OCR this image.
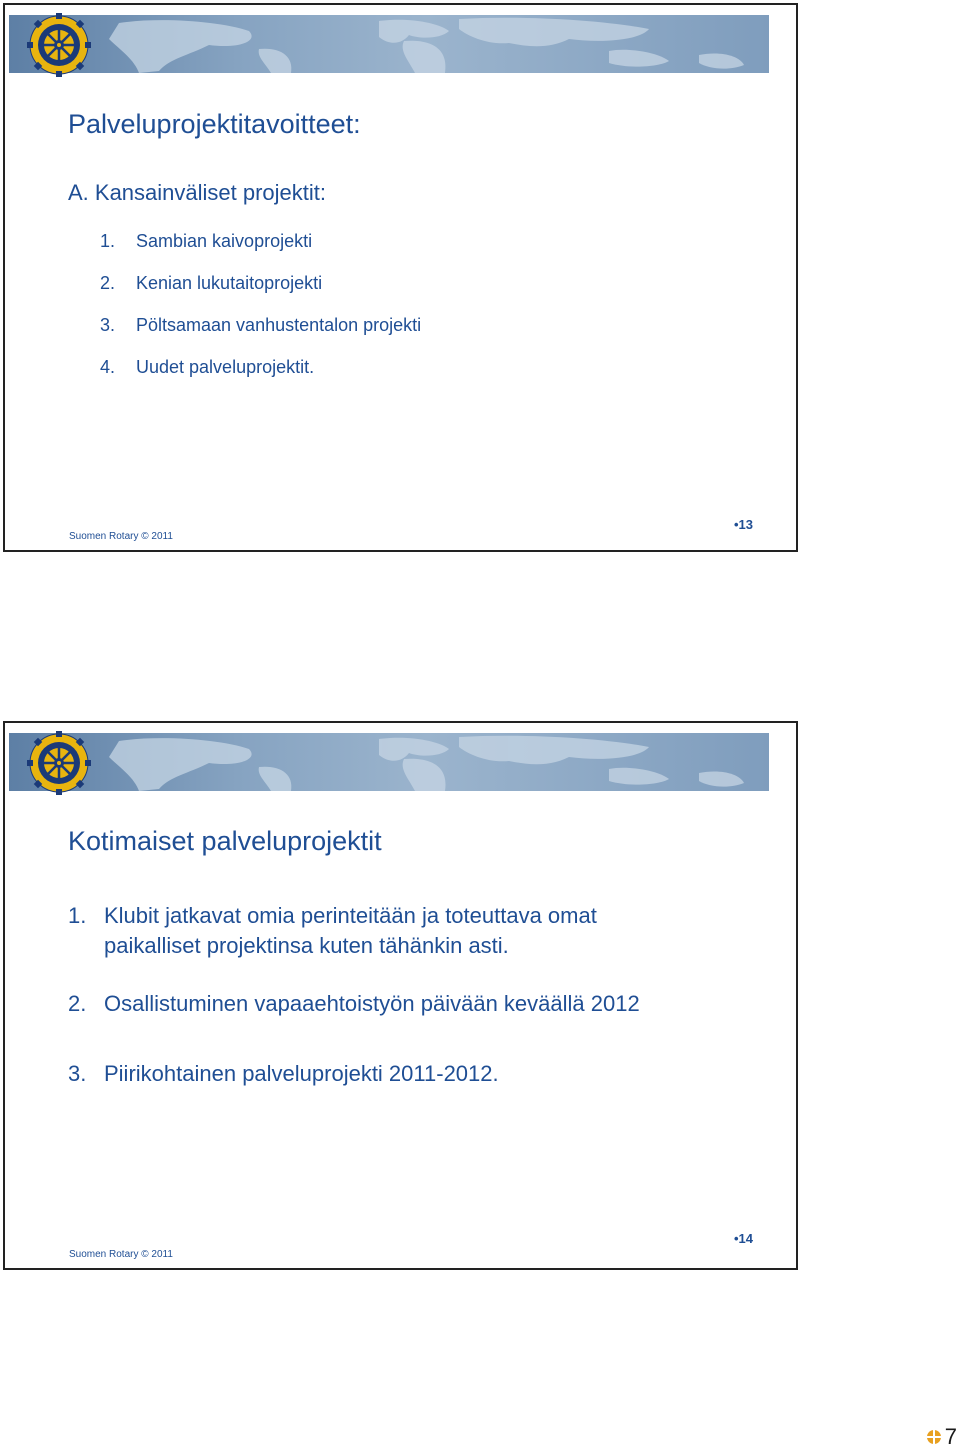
Palveluprojektitavoitteet:
A. Kansainväliset projektit:
1. Sambian kaivoprojekti
2. Kenian lukutaitoprojekti
3. Pöltsamaan vanhustentalon projekti
4. Uudet palveluprojektit.
Suomen Rotary © 2011
•13
Kotimaiset palveluprojektit
1. Klubit jatkavat omia perinteitään ja toteuttava omat
paikalliset projektinsa kuten tähänkin asti.
2. Osallistuminen vapaaehtoistyön päivään keväällä 2012
3. Piirikohtainen palveluprojekti 2011-2012.
Suomen Rotary © 2011
•14
7
